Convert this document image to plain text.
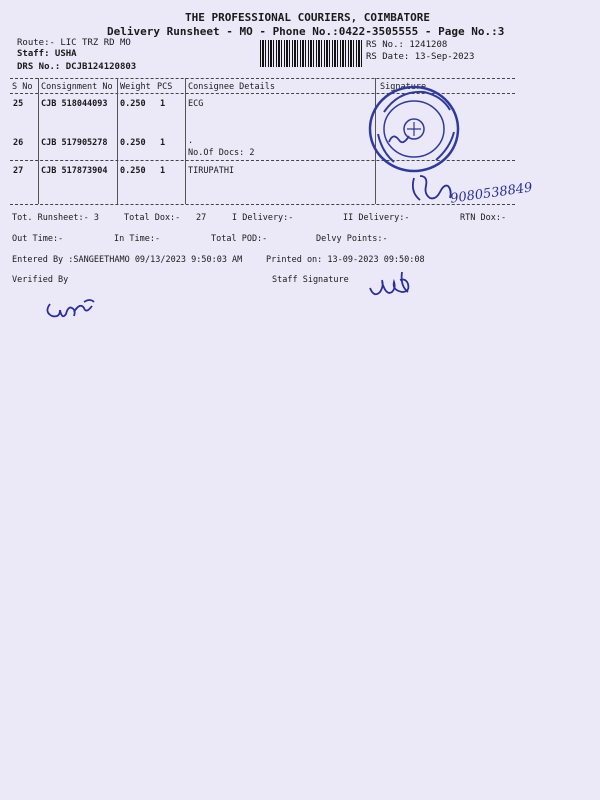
THE PROFESSIONAL COURIERS, COIMBATORE
Delivery Runsheet - MO - Phone No.:0422-3505555 - Page No.:3
Route:- LIC TRZ RD MO
Staff: USHA
DRS No.: DCJB124120803
RS No.: 1241208
RS Date: 13-Sep-2023
S No Consignment No Weight PCS Consignee Details	Signature
25 CJB 518044093 0.250 1	ECG
26 CJB 517905278 0.250 1	.
No.Of Docs: 2
27 CJB 517873904 0.250 1	TIRUPATHI
9080538849
Tot. Runsheet:- 3	Total Dox:- 27	I Delivery:-	II Delivery:-	RTN Dox:-
Out Time:-	In Time:-	Total POD:-	Delvy Points:-
Entered By :SANGEETHAMO 09/13/2023 9:50:03 AM	Printed on: 13-09-2023 09:50:08
Verified By	Staff Signature
